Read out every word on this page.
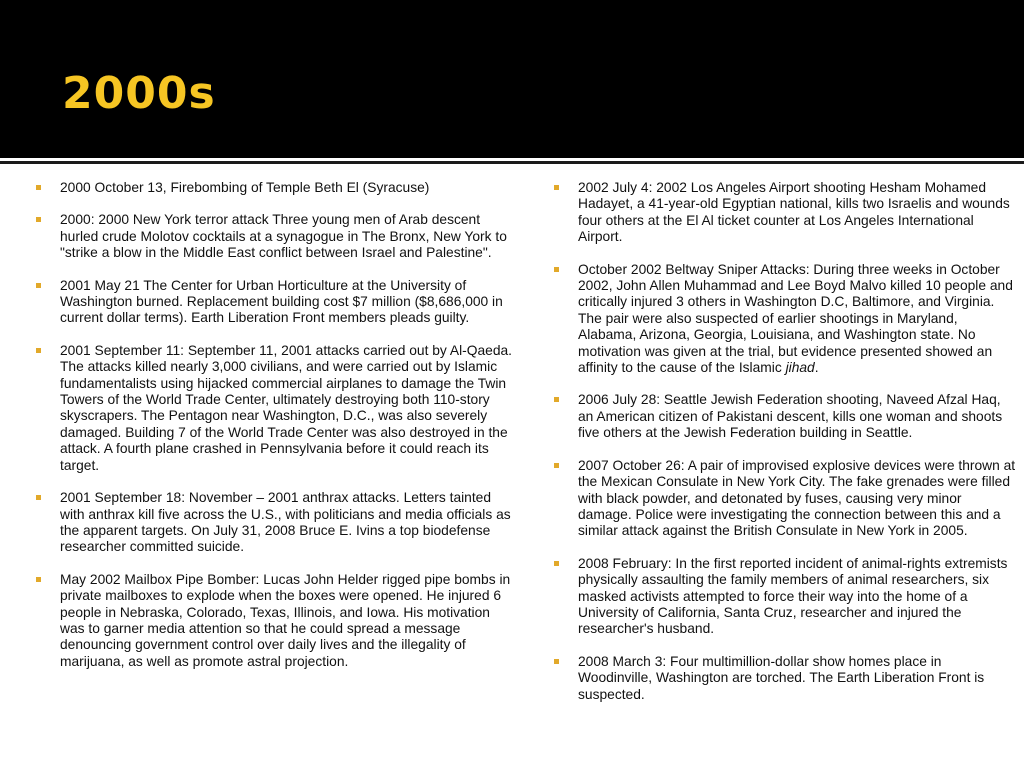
2000s
2000 October 13, Firebombing of Temple Beth El (Syracuse)
2000: 2000 New York terror attack Three young men of Arab descent hurled crude Molotov cocktails at a synagogue in The Bronx, New York to "strike a blow in the Middle East conflict between Israel and Palestine".
2001 May 21 The Center for Urban Horticulture at the University of Washington burned. Replacement building cost $7 million ($8,686,000 in current dollar terms). Earth Liberation Front members pleads guilty.
2001 September 11: September 11, 2001 attacks carried out by Al-Qaeda. The attacks killed nearly 3,000 civilians, and were carried out by Islamic fundamentalists using hijacked commercial airplanes to damage the Twin Towers of the World Trade Center, ultimately destroying both 110-story skyscrapers. The Pentagon near Washington, D.C., was also severely damaged. Building 7 of the World Trade Center was also destroyed in the attack. A fourth plane crashed in Pennsylvania before it could reach its target.
2001 September 18: November – 2001 anthrax attacks. Letters tainted with anthrax kill five across the U.S., with politicians and media officials as the apparent targets. On July 31, 2008 Bruce E. Ivins a top biodefense researcher committed suicide.
May 2002 Mailbox Pipe Bomber: Lucas John Helder rigged pipe bombs in private mailboxes to explode when the boxes were opened. He injured 6 people in Nebraska, Colorado, Texas, Illinois, and Iowa. His motivation was to garner media attention so that he could spread a message denouncing government control over daily lives and the illegality of marijuana, as well as promote astral projection.
2002 July 4: 2002 Los Angeles Airport shooting Hesham Mohamed Hadayet, a 41-year-old Egyptian national, kills two Israelis and wounds four others at the El Al ticket counter at Los Angeles International Airport.
October 2002 Beltway Sniper Attacks: During three weeks in October 2002, John Allen Muhammad and Lee Boyd Malvo killed 10 people and critically injured 3 others in Washington D.C, Baltimore, and Virginia. The pair were also suspected of earlier shootings in Maryland, Alabama, Arizona, Georgia, Louisiana, and Washington state. No motivation was given at the trial, but evidence presented showed an affinity to the cause of the Islamic jihad.
2006 July 28: Seattle Jewish Federation shooting, Naveed Afzal Haq, an American citizen of Pakistani descent, kills one woman and shoots five others at the Jewish Federation building in Seattle.
2007 October 26: A pair of improvised explosive devices were thrown at the Mexican Consulate in New York City. The fake grenades were filled with black powder, and detonated by fuses, causing very minor damage. Police were investigating the connection between this and a similar attack against the British Consulate in New York in 2005.
2008 February: In the first reported incident of animal-rights extremists physically assaulting the family members of animal researchers, six masked activists attempted to force their way into the home of a University of California, Santa Cruz, researcher and injured the researcher's husband.
2008 March 3: Four multimillion-dollar show homes place in Woodinville, Washington are torched. The Earth Liberation Front is suspected.
